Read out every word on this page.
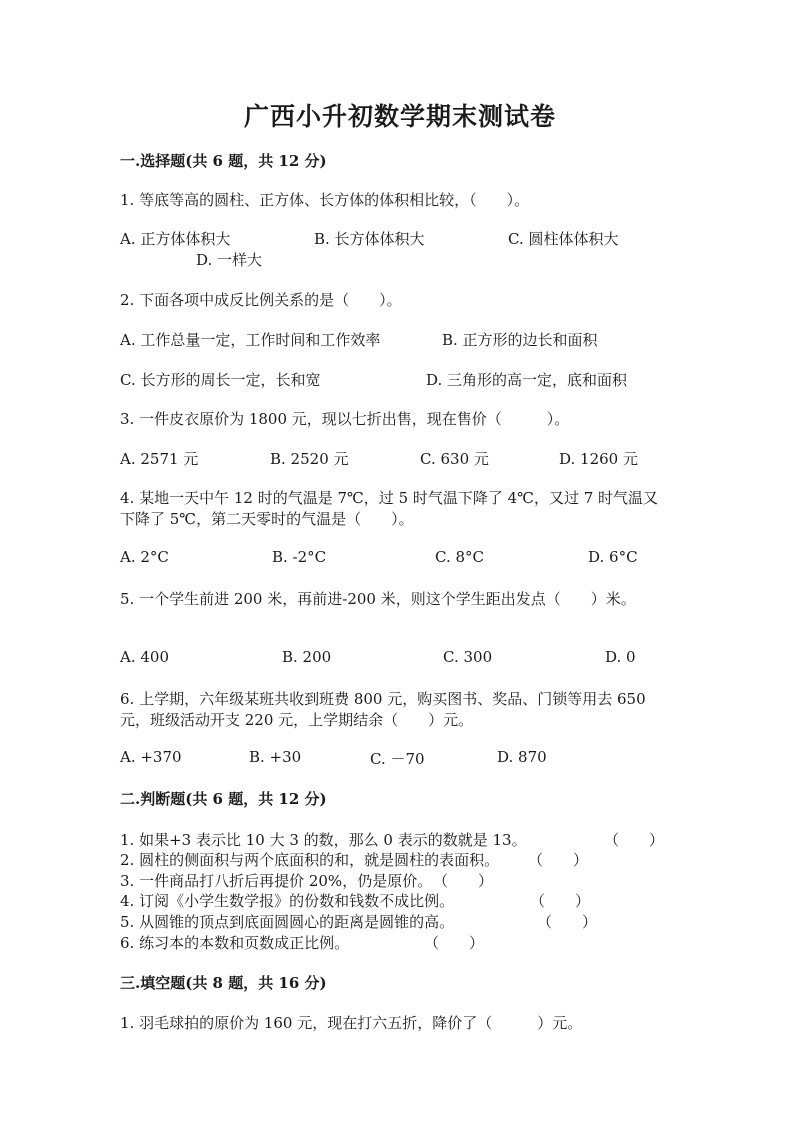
广西小升初数学期末测试卷
一.选择题(共 6 题，共 12 分)
1. 等底等高的圆柱、正方体、长方体的体积相比较，（　　）。
A. 正方体体积大	B. 长方体体积大	C. 圆柱体体积大
D. 一样大
2. 下面各项中成反比例关系的是（　　）。
A. 工作总量一定，工作时间和工作效率	B. 正方形的边长和面积
C. 长方形的周长一定，长和宽	D. 三角形的高一定，底和面积
3. 一件皮衣原价为 1800 元，现以七折出售，现在售价（　　　）。
A. 2571 元	B. 2520 元	C. 630 元	D. 1260 元
4. 某地一天中午 12 时的气温是 7℃，过 5 时气温下降了 4℃，又过 7 时气温又
下降了 5℃，第二天零时的气温是（　　）。
A. 2°C	B. -2°C	C. 8°C	D. 6°C
5. 一个学生前进 200 米，再前进-200 米，则这个学生距出发点（　　）米。
A. 400	B. 200	C. 300	D. 0
6. 上学期，六年级某班共收到班费 800 元，购买图书、奖品、门锁等用去 650
元，班级活动开支 220 元，上学期结余（　　）元。
A. +370	B. +30	C. －70	D. 870
二.判断题(共 6 题，共 12 分)
1. 如果+3 表示比 10 大 3 的数，那么 0 表示的数就是 13。	（　　）
2. 圆柱的侧面积与两个底面积的和，就是圆柱的表面积。 （　　）
3. 一件商品打八折后再提价 20%，仍是原价。 （　　）
4. 订阅《小学生数学报》的份数和钱数不成比例。	（　　）
5. 从圆锥的顶点到底面圆圆心的距离是圆锥的高。	（　　）
6. 练习本的本数和页数成正比例。	（　　）
三.填空题(共 8 题，共 16 分)
1. 羽毛球拍的原价为 160 元，现在打六五折，降价了（　　　）元。
